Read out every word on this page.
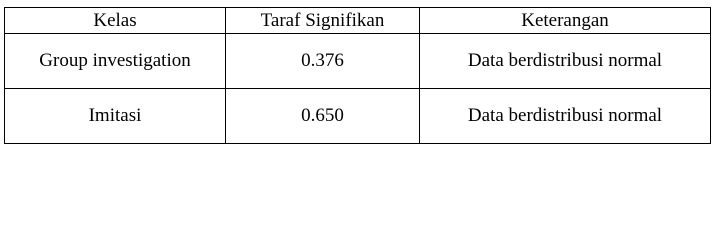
Kelas	Taraf Signifikan	Keterangan
Group investigation	0.376	Data berdistribusi normal
Imitasi	0.650	Data berdistribusi normal
